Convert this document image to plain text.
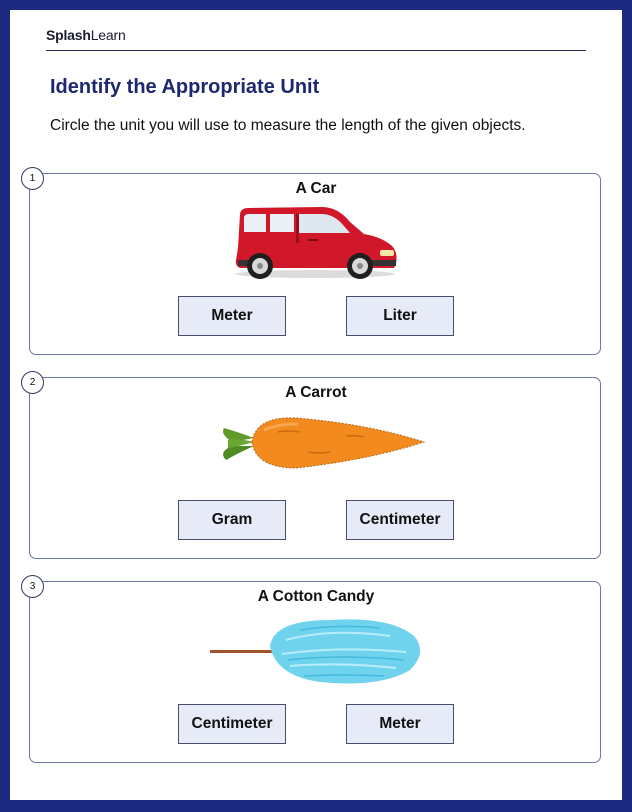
SplashLearn
Identify the Appropriate Unit
Circle the unit you will use to measure the length of the given objects.
A Car
Meter	Liter
1
A Carrot
Gram	Centimeter
2
A Cotton Candy
Centimeter	Meter
3
